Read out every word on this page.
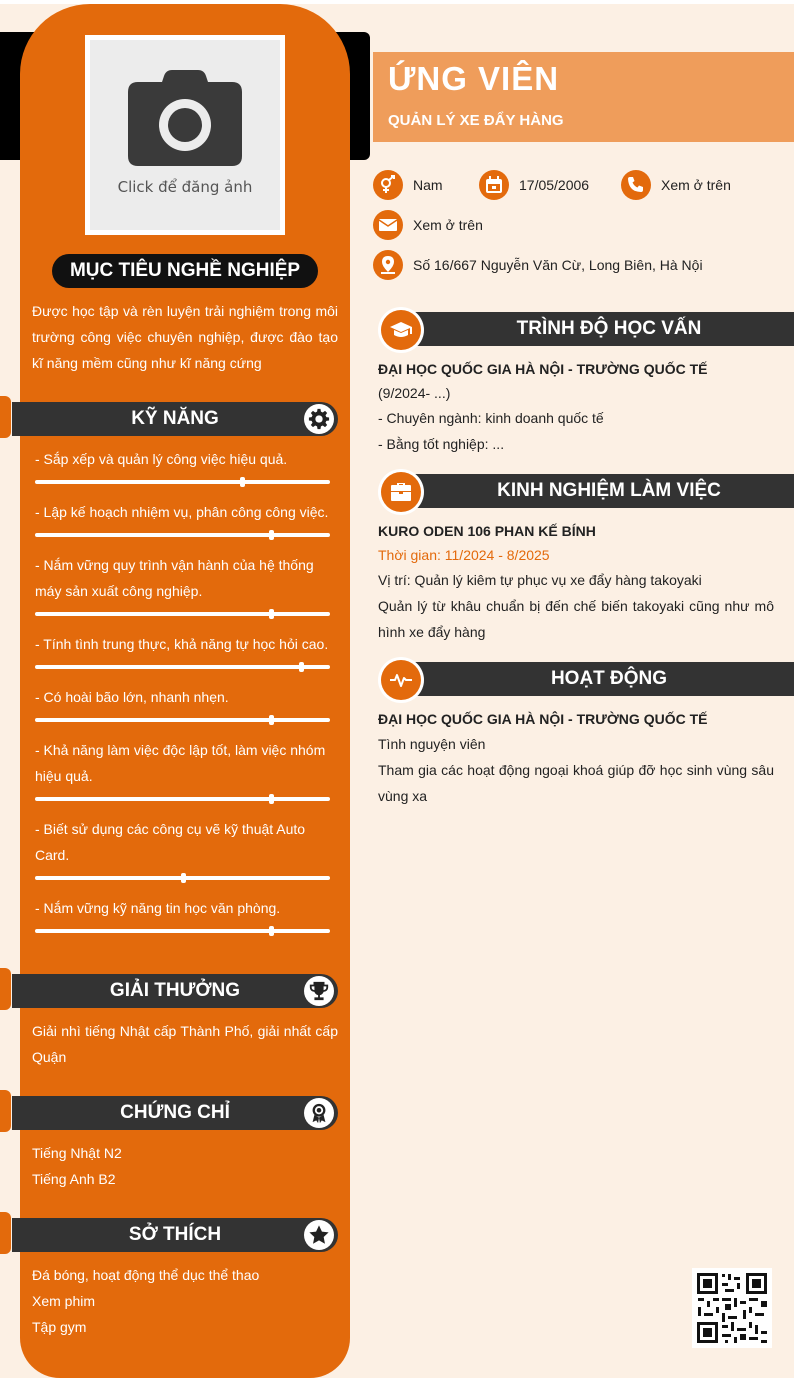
Click để đăng ảnh
MỤC TIÊU NGHỀ NGHIỆP
Được học tập và rèn luyện trải nghiệm trong môi trường công việc chuyên nghiệp, được đào tạo kĩ năng mềm cũng như kĩ năng cứng
KỸ NĂNG
- Sắp xếp và quản lý công việc hiệu quả.
- Lập kế hoạch nhiệm vụ, phân công công việc.
- Nắm vững quy trình vận hành của hệ thống máy sản xuất công nghiệp.
- Tính tình trung thực, khả năng tự học hỏi cao.
- Có hoài bão lớn, nhanh nhẹn.
- Khả năng làm việc độc lập tốt, làm việc nhóm hiệu quả.
- Biết sử dụng các công cụ vẽ kỹ thuật Auto Card.
- Nắm vững kỹ năng tin học văn phòng.
GIẢI THƯỞNG
Giải nhì tiếng Nhật cấp Thành Phố, giải nhất cấp Quận
CHỨNG CHỈ
Tiếng Nhật N2
Tiếng Anh B2
SỞ THÍCH
Đá bóng, hoạt động thể dục thể thao
Xem phim
Tập gym
ỨNG VIÊN
QUẢN LÝ XE ĐẨY HÀNG
Nam	17/05/2006	Xem ở trên
Xem ở trên
Số 16/667 Nguyễn Văn Cừ, Long Biên, Hà Nội
TRÌNH ĐỘ HỌC VẤN
ĐẠI HỌC QUỐC GIA HÀ NỘI - TRƯỜNG QUỐC TẾ
(9/2024- ...)
- Chuyên ngành: kinh doanh quốc tế
- Bằng tốt nghiệp: ...
KINH NGHIỆM LÀM VIỆC
KURO ODEN 106 PHAN KẾ BÍNH
Thời gian: 11/2024 - 8/2025
Vị trí: Quản lý kiêm tự phục vụ xe đẩy hàng takoyaki
Quản lý từ khâu chuẩn bị đến chế biến takoyaki cũng như mô hình xe đẩy hàng
HOẠT ĐỘNG
ĐẠI HỌC QUỐC GIA HÀ NỘI - TRƯỜNG QUỐC TẾ
Tình nguyện viên
Tham gia các hoạt động ngoại khoá giúp đỡ học sinh vùng sâu vùng xa
